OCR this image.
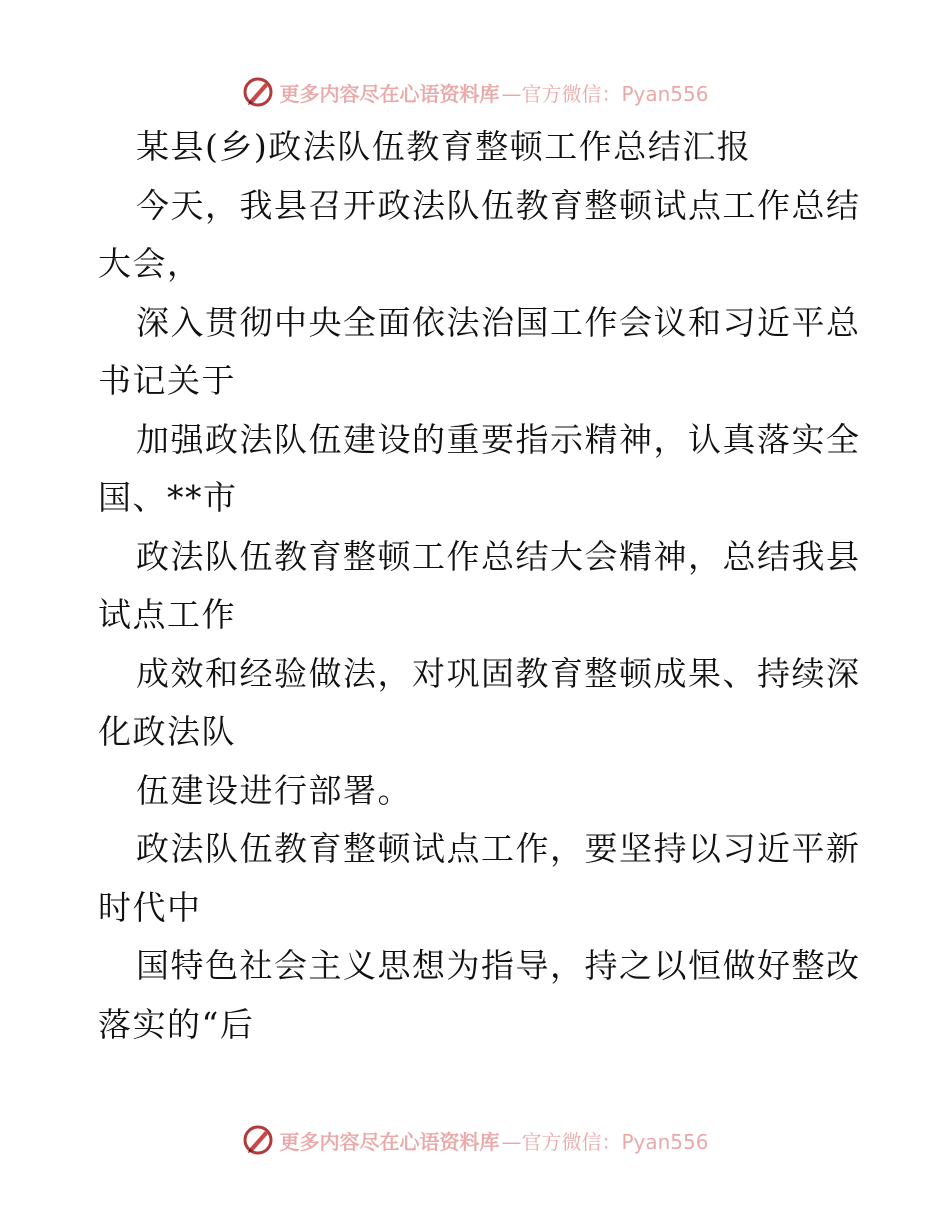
更多内容尽在心语资料库 —官方微信：Pyan556
某县(乡)政法队伍教育整顿工作总结汇报
今天，我县召开政法队伍教育整顿试点工作总结
大会，
深入贯彻中央全面依法治国工作会议和习近平总
书记关于
加强政法队伍建设的重要指示精神，认真落实全
国、**市
政法队伍教育整顿工作总结大会精神，总结我县
试点工作
成效和经验做法，对巩固教育整顿成果、持续深
化政法队
伍建设进行部署。
政法队伍教育整顿试点工作，要坚持以习近平新
时代中
国特色社会主义思想为指导，持之以恒做好整改
落实的“后
更多内容尽在心语资料库 —官方微信：Pyan556
